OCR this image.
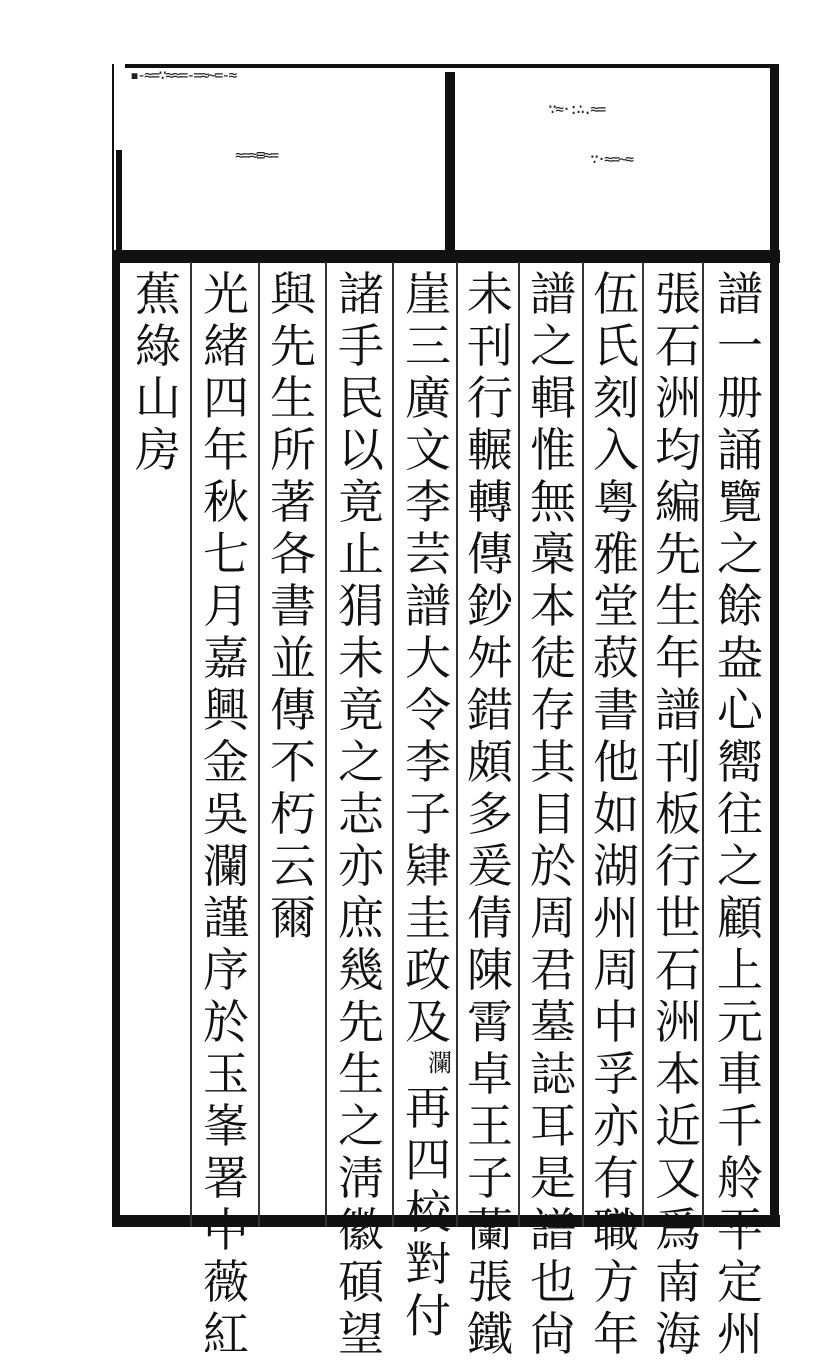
▪-≈=∵≈≈=-=≈~=-≈
≈=≈≡≈=
∵≈·:∴.≈=
∵·≈=~≈
譜
一
册
誦
覽
之
餘
盎
心
嚮
往
之
顧
上
元
車
千
舲
平
定
州
張
石
洲
均
編
先
生
年
譜
刊
板
行
世
石
洲
本
近
又
爲
南
海
伍
氏
刻
入
粤
雅
堂
菽
書
他
如
湖
州
周
中
孚
亦
有
職
方
年
譜
之
輯
惟
無
槀
本
徒
存
其
目
於
周
君
墓
誌
耳
是
譜
也
尙
未
刊
行
輾
轉
傳
鈔
舛
錯
頗
多
爰
倩
陳
霄
卓
王
子
蘭
張
鐵
崖
三
廣
文
李
芸
譜
大
令
李
子
肄
圭
政
及
瀾
再
四
校
對
付
諸
手
民
以
竟
止
狷
未
竟
之
志
亦
庶
幾
先
生
之
淸
徽
碩
望
與
先
生
所
著
各
書
並
傳
不
朽
云
爾
光
緒
四
年
秋
七
月
嘉
興
金
吳
瀾
謹
序
於
玉
峯
署
中
薇
紅
蕉
綠
山
房
